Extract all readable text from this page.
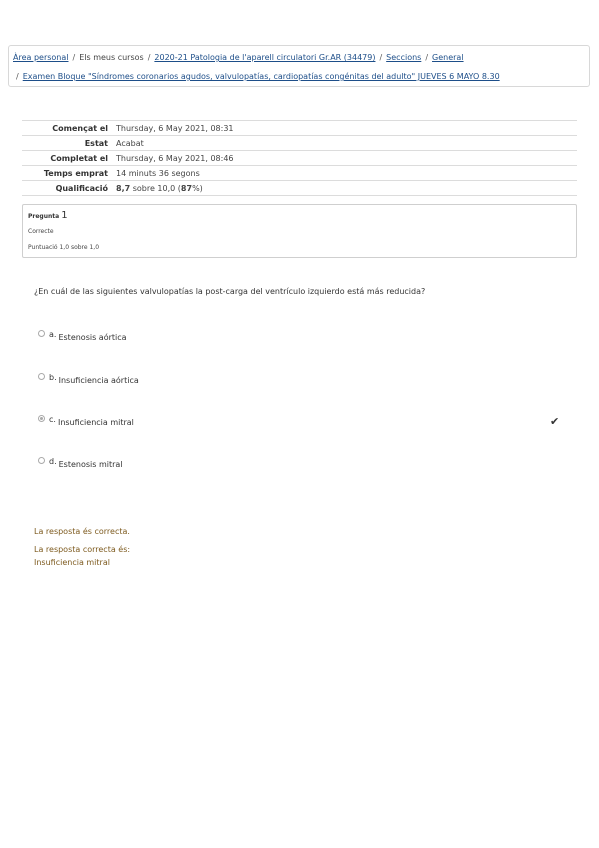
Àrea personal / Els meus cursos / 2020-21 Patologia de l'aparell circulatori Gr.AR (34479) / Seccions / General
/ Examen Bloque "Síndromes coronarios agudos, valvulopatías, cardiopatías congénitas del adulto" JUEVES 6 MAYO 8.30
Començat el	Thursday, 6 May 2021, 08:31
Estat	Acabat
Completat el	Thursday, 6 May 2021, 08:46
Temps emprat	14 minuts 36 segons
Qualificació	8,7 sobre 10,0 (87%)
Pregunta 1
Correcte
Puntuació 1,0 sobre 1,0
¿En cuál de las siguientes valvulopatías la post-carga del ventrículo izquierdo está más reducida?
a. Estenosis aórtica
b. Insuficiencia aórtica
c. Insuficiencia mitral
d. Estenosis mitral
✔
La resposta és correcta.
La resposta correcta és:
Insuficiencia mitral
